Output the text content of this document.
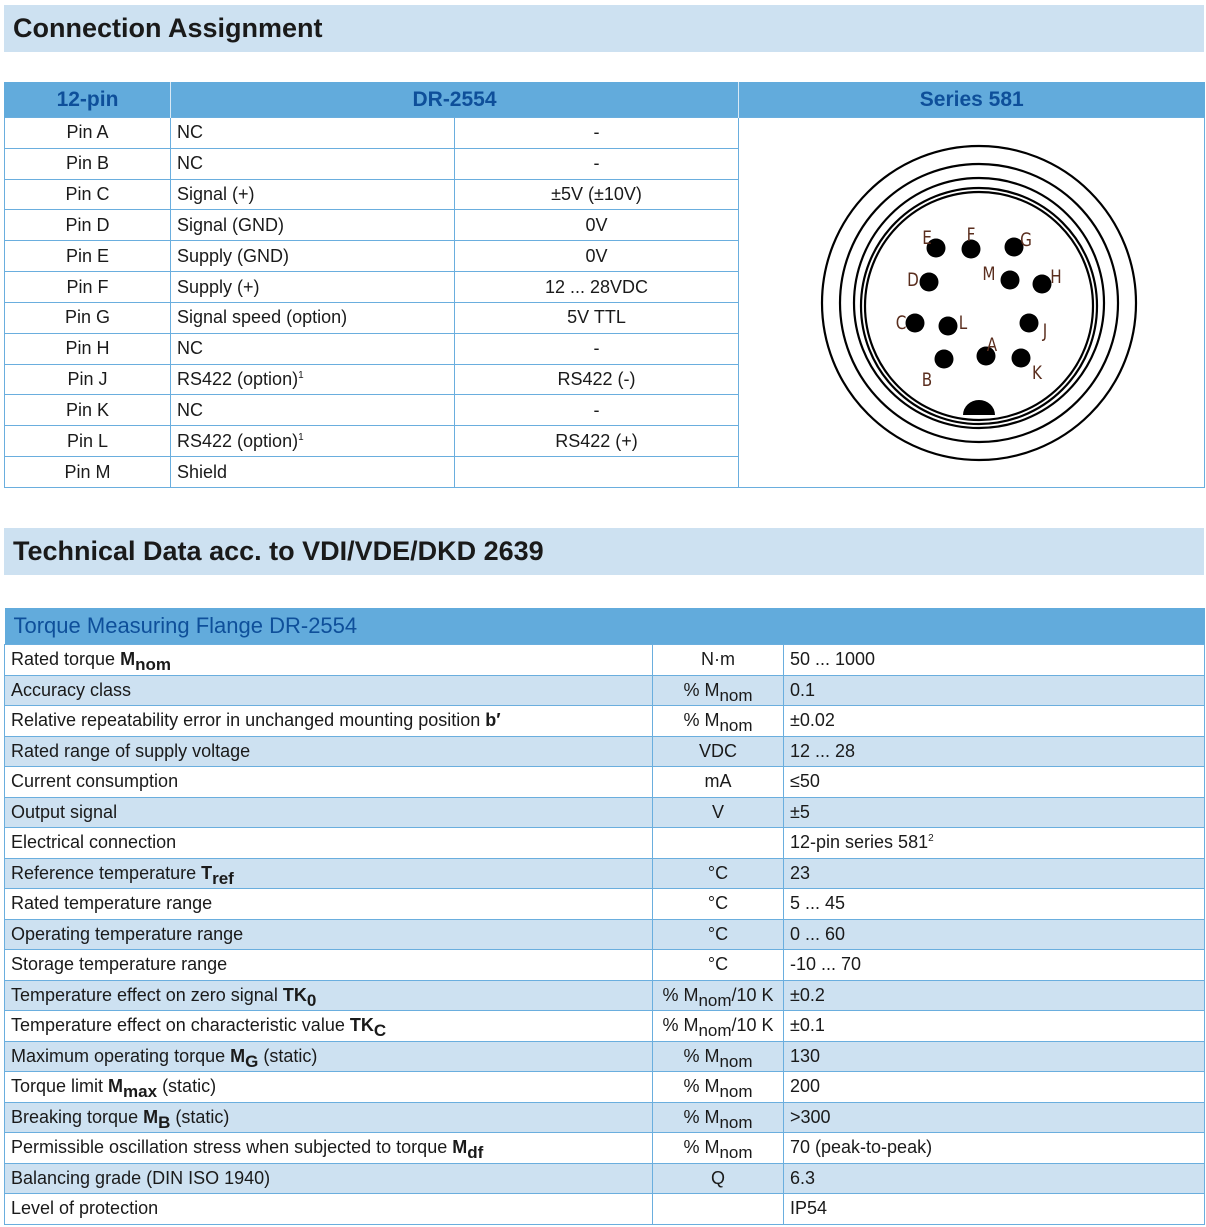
Connection Assignment
12-pin	DR-2554		Series 581
Pin A	NC	-	
A
B
C
D
E F G
H
J
K
L
M

Pin B	NC	-	
Pin C	Signal (+)	±5V (±10V)	
Pin D	Signal (GND)	0V	
Pin E	Supply (GND)	0V	
Pin F	Supply (+)	12 ... 28VDC	
Pin G	Signal speed (option)	5V TTL	
Pin H	NC	-	
Pin J	RS422 (option)$^1$	RS422 (-)	
Pin K	NC	-	
Pin L	RS422 (option)$^1$	RS422 (+)	
Pin M	Shield		
Technical Data acc. to VDI/VDE/DKD 2639
Torque Measuring Flange DR-2554		
Rated torque Mnom	N·m	50 ... 1000
Accuracy class	% Mnom	0.1
Relative repeatability error in unchanged mounting position b′	% Mnom	±0.02
Rated range of supply voltage	VDC	12 ... 28
Current consumption	mA	≤50
Output signal	V	±5
Electrical connection		12-pin series $581^2$
Reference temperature Tref	°C	23
Rated temperature range	°C	5 ... 45
Operating temperature range	°C	0 ... 60
Storage temperature range	°C	-10 ... 70
Temperature effect on zero signal TK0	% Mnom/10 K	±0.2
Temperature effect on characteristic value TKC	% Mnom/10 K	±0.1
Maximum operating torque MG (static)	% Mnom	130
Torque limit Mmax (static)	% Mnom	200
Breaking torque MB (static)	% Mnom	>300
Permissible oscillation stress when subjected to torque Mdf	% Mnom	70 (peak-to-peak)
Balancing grade (DIN ISO 1940)	Q	6.3
Level of protection		IP54
